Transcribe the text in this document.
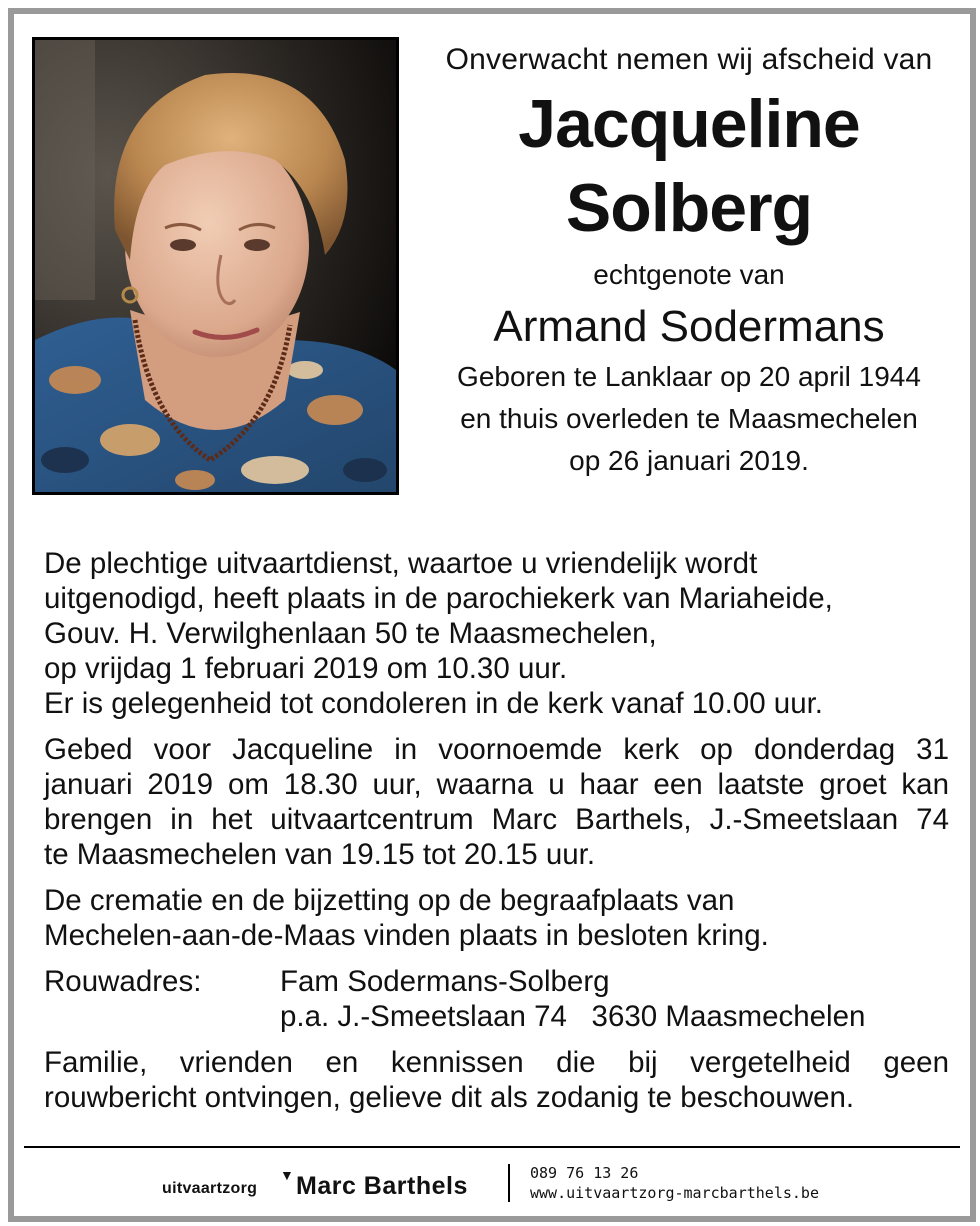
Onverwacht nemen wij afscheid van
Jacqueline
Solberg
echtgenote van
Armand Sodermans
Geboren te Lanklaar op 20 april 1944
en thuis overleden te Maasmechelen
op 26 januari 2019.
De plechtige uitvaartdienst, waartoe u vriendelijk wordt
uitgenodigd, heeft plaats in de parochiekerk van Mariaheide,
Gouv. H. Verwilghenlaan 50 te Maasmechelen,
op vrijdag 1 februari 2019 om 10.30 uur.
Er is gelegenheid tot condoleren in de kerk vanaf 10.00 uur.
Gebed voor Jacqueline in voornoemde kerk op donderdag 31
januari 2019 om 18.30 uur, waarna u haar een laatste groet kan
brengen in het uitvaartcentrum Marc Barthels, J.-Smeetslaan 74
te Maasmechelen van 19.15 tot 20.15 uur.
De crematie en de bijzetting op de begraafplaats van
Mechelen-aan-de-Maas vinden plaats in besloten kring.
Rouwadres:	Fam Sodermans-Solberg
p.a. J.-Smeetslaan 74   3630 Maasmechelen
Familie, vrienden en kennissen die bij vergetelheid geen
rouwbericht ontvingen, gelieve dit als zodanig te beschouwen.
uitvaartzorg
▼ Marc Barthels	089 76 13 26
www.uitvaartzorg-marcbarthels.be
